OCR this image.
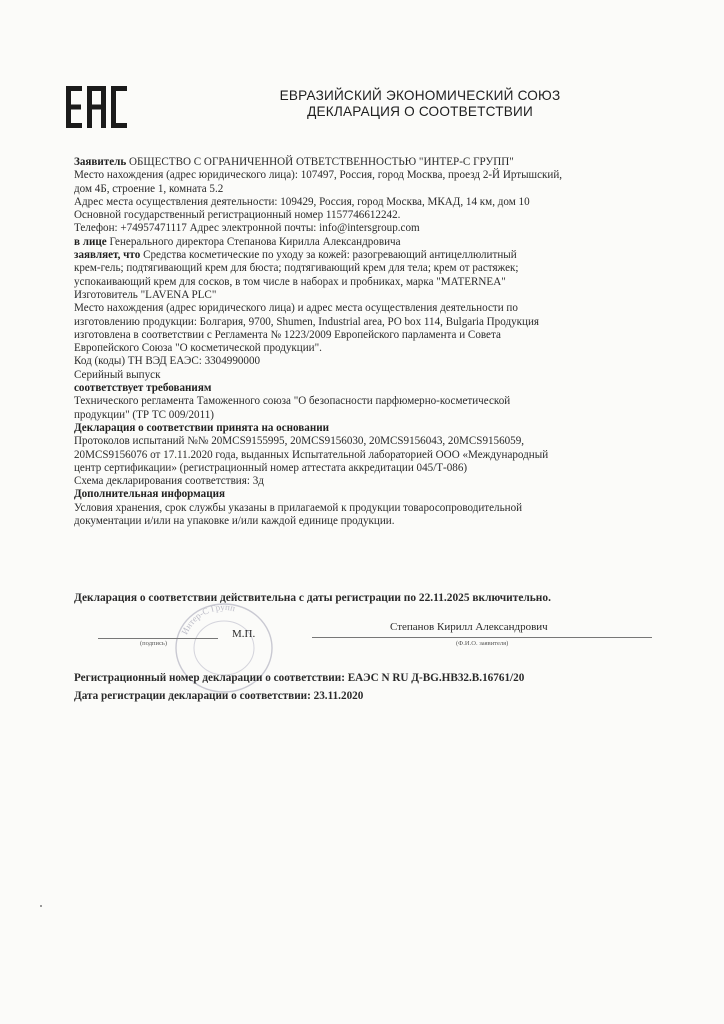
ЕВРАЗИЙСКИЙ ЭКОНОМИЧЕСКИЙ СОЮЗ
ДЕКЛАРАЦИЯ О СООТВЕТСТВИИ
Заявитель ОБЩЕСТВО С ОГРАНИЧЕННОЙ ОТВЕТСТВЕННОСТЬЮ "ИНТЕР-С ГРУПП"
Место нахождения (адрес юридического лица): 107497, Россия, город Москва, проезд 2-Й Иртышский,
дом 4Б, строение 1, комната 5.2
Адрес места осуществления деятельности: 109429, Россия, город Москва, МКАД, 14 км, дом 10
Основной государственный регистрационный номер 1157746612242.
Телефон: +74957471117 Адрес электронной почты: info@intersgroup.com
в лице Генерального директора Степанова Кирилла Александровича
заявляет, что Средства косметические по уходу за кожей: разогревающий антицеллюлитный
крем-гель; подтягивающий крем для бюста; подтягивающий крем для тела; крем от растяжек;
успокаивающий крем для сосков, в том числе в наборах и пробниках, марка "MATERNEA"
Изготовитель "LAVENA PLC"
Место нахождения (адрес юридического лица) и адрес места осуществления деятельности по
изготовлению продукции: Болгария, 9700, Shumen, Industrial area, PO box 114, Bulgaria Продукция
изготовлена в соответствии с Регламента № 1223/2009 Европейского парламента и Совета
Европейского Союза "О косметической продукции".
Код (коды) ТН ВЭД ЕАЭС: 3304990000
Серийный выпуск
соответствует требованиям
Технического регламента Таможенного союза "О безопасности парфюмерно-косметической
продукции" (ТР ТС 009/2011)
Декларация о соответствии принята на основании
Протоколов испытаний №№ 20MCS9155995, 20MCS9156030, 20MCS9156043, 20MCS9156059,
20MCS9156076 от 17.11.2020 года, выданных Испытательной лабораторией ООО «Международный
центр сертификации» (регистрационный номер аттестата аккредитации 045/Т-086)
Схема декларирования соответствия: 3д
Дополнительная информация
Условия хранения, срок службы указаны в прилагаемой к продукции товаросопроводительной
документации и/или на упаковке и/или каждой единице продукции.
Декларация о соответствии действительна с даты регистрации по 22.11.2025 включительно.
Интер-С Групп
(подпись)
М.П.
Степанов Кирилл Александрович
(Ф.И.О. заявителя)
Регистрационный номер декларации о соответствии: ЕАЭС N RU Д-BG.НВ32.В.16761/20
Дата регистрации декларации о соответствии: 23.11.2020
